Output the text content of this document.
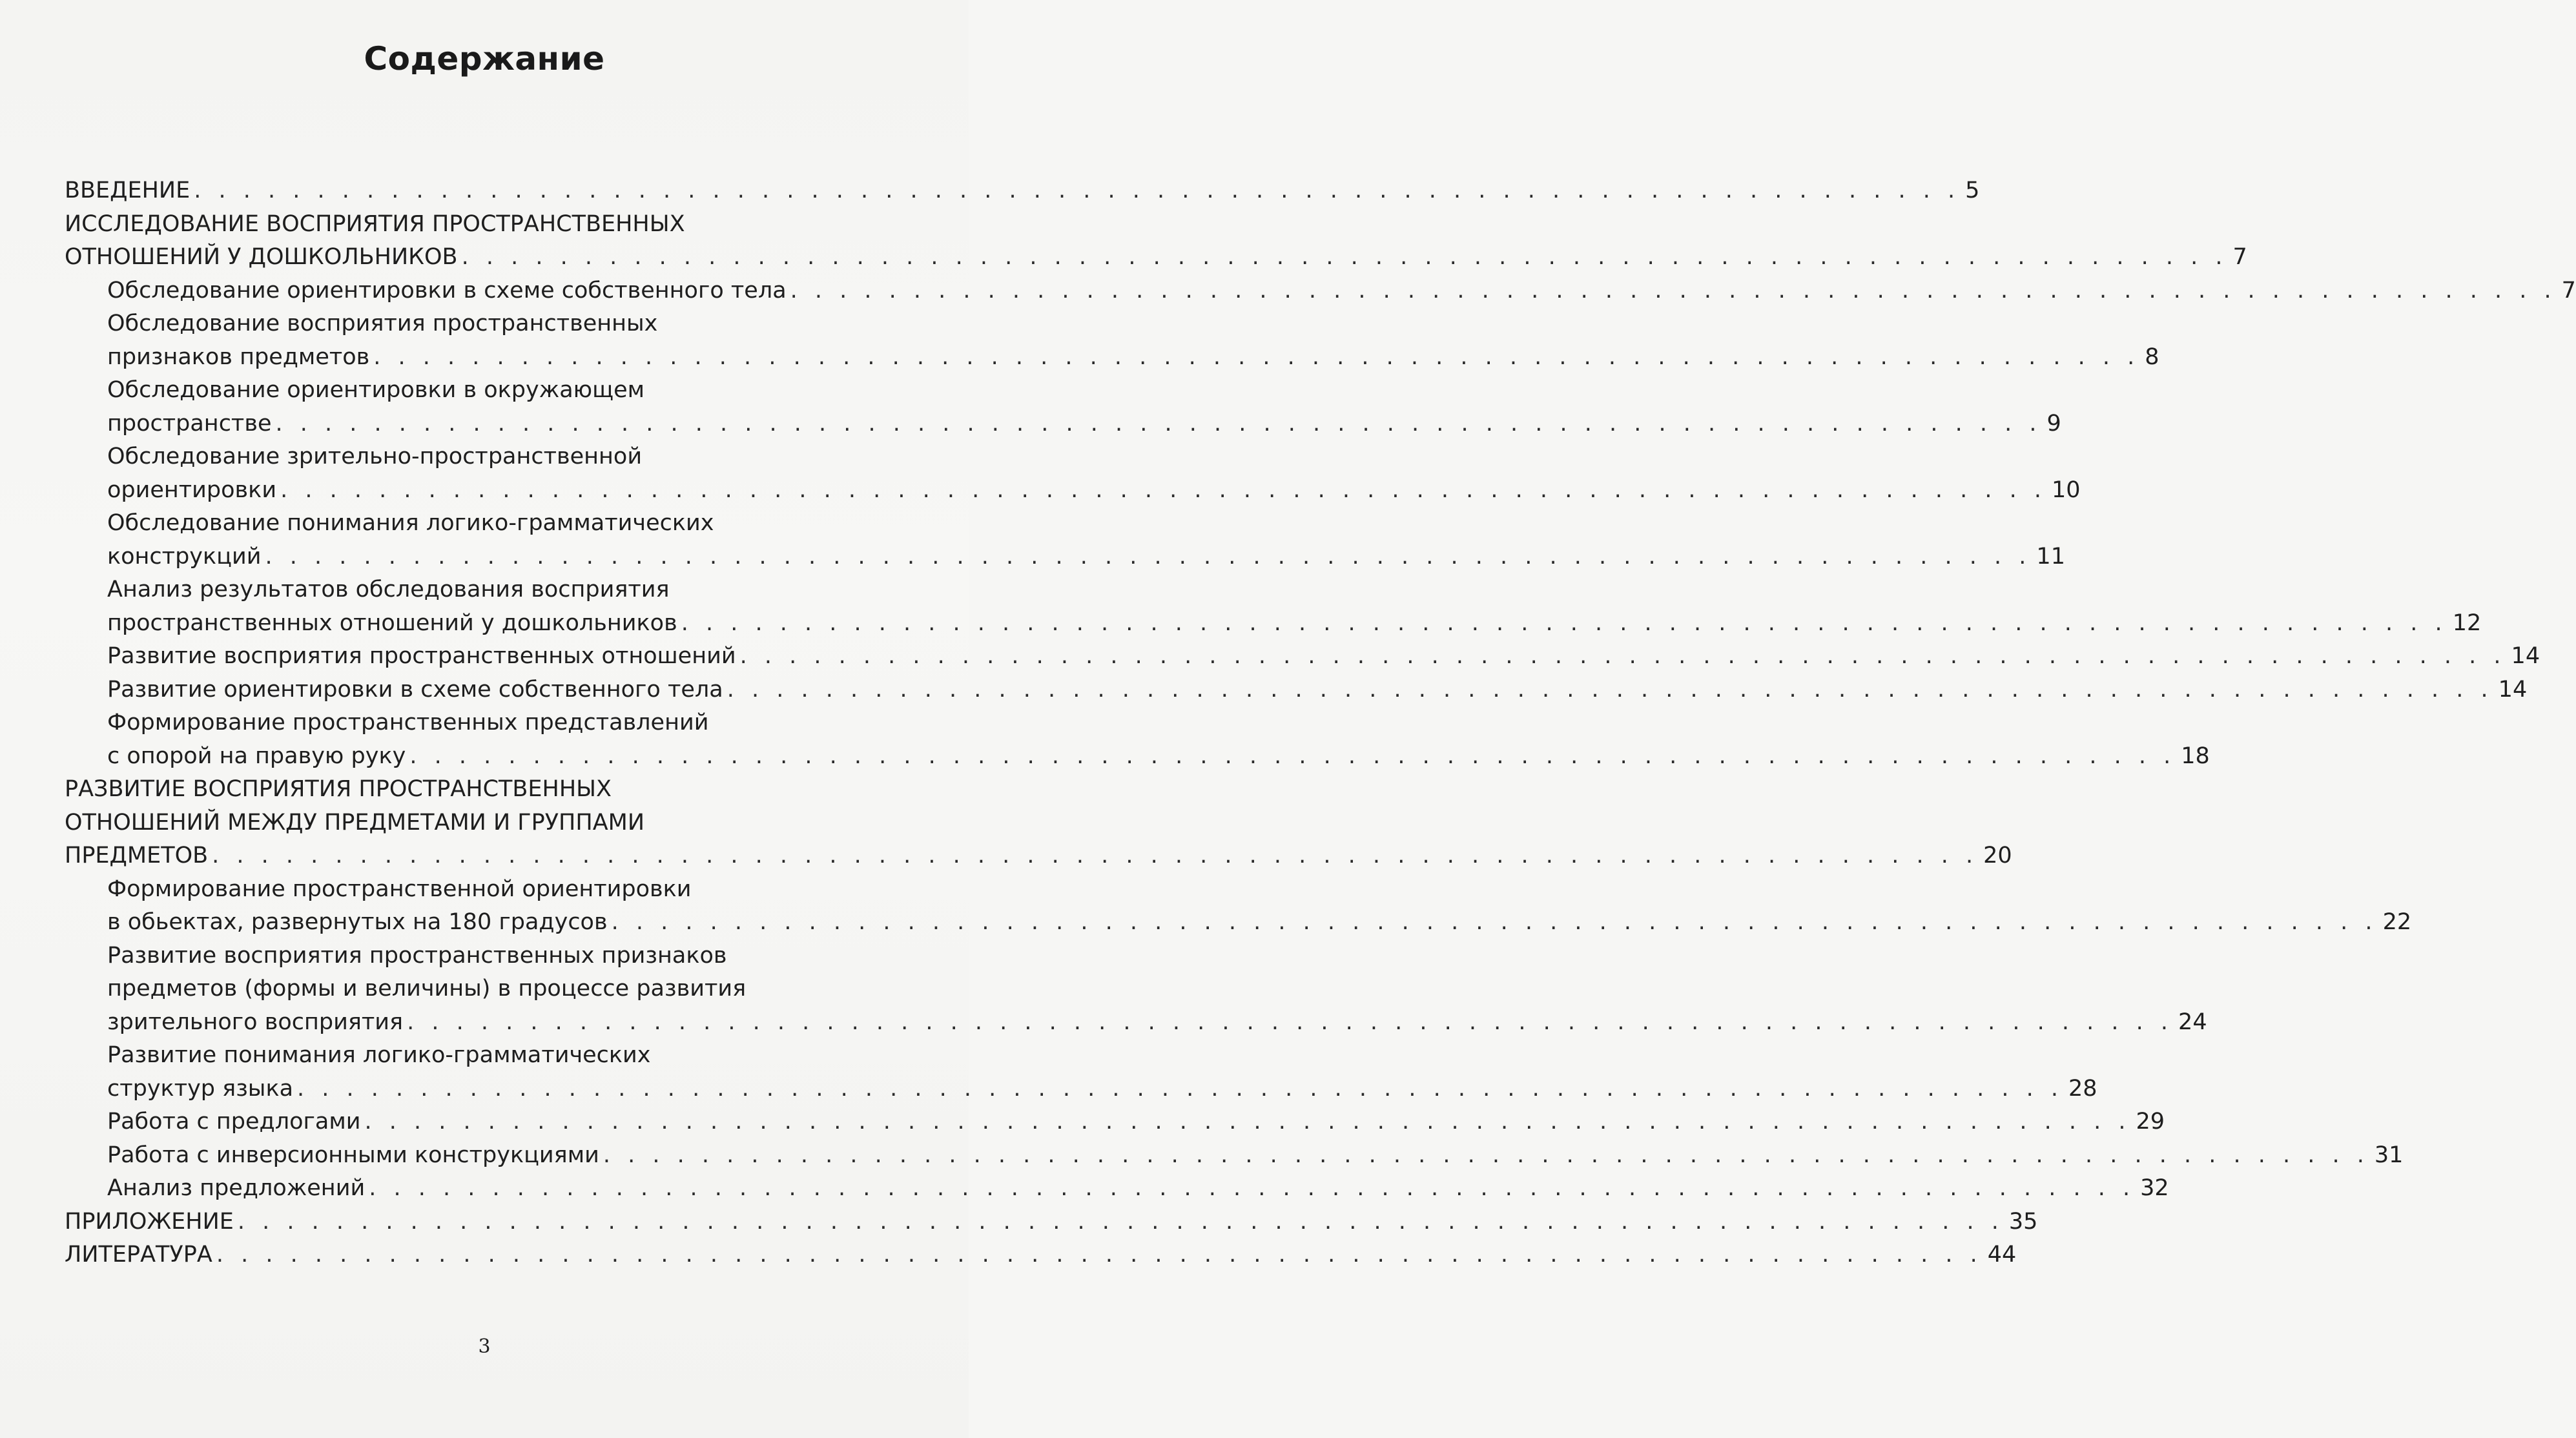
Содержание
ВВЕДЕНИЕ . . . . . . . . . . . . . . . . . . . . . . . . . . . . . . . . . . . . . . . . . . . . . . . . . . . . . . . . . . . . . . . . . . . . . . . . 5
ИССЛЕДОВАНИЕ ВОСПРИЯТИЯ ПРОСТРАНСТВЕННЫХ
ОТНОШЕНИЙ У ДОШКОЛЬНИКОВ . . . . . . . . . . . . . . . . . . . . . . . . . . . . . . . . . . . . . . . . . . . . . . . . . . . . . . . . . . . . . . . . . . . . . . . . 7
Обследование ориентировки в схеме собственного тела . . . . . . . . . . . . . . . . . . . . . . . . . . . . . . . . . . . . . . . . . . . . . . . . . . . . . . . . . . . . . . . . . . . . . . . . 7
Обследование восприятия пространственных
признаков предметов . . . . . . . . . . . . . . . . . . . . . . . . . . . . . . . . . . . . . . . . . . . . . . . . . . . . . . . . . . . . . . . . . . . . . . . . 8
Обследование ориентировки в окружающем
пространстве . . . . . . . . . . . . . . . . . . . . . . . . . . . . . . . . . . . . . . . . . . . . . . . . . . . . . . . . . . . . . . . . . . . . . . . . 9
Обследование зрительно-пространственной
ориентировки . . . . . . . . . . . . . . . . . . . . . . . . . . . . . . . . . . . . . . . . . . . . . . . . . . . . . . . . . . . . . . . . . . . . . . . . 10
Обследование понимания логико-грамматических
конструкций . . . . . . . . . . . . . . . . . . . . . . . . . . . . . . . . . . . . . . . . . . . . . . . . . . . . . . . . . . . . . . . . . . . . . . . . 11
Анализ результатов обследования восприятия
пространственных отношений у дошкольников . . . . . . . . . . . . . . . . . . . . . . . . . . . . . . . . . . . . . . . . . . . . . . . . . . . . . . . . . . . . . . . . . . . . . . . . 12
Развитие восприятия пространственных отношений . . . . . . . . . . . . . . . . . . . . . . . . . . . . . . . . . . . . . . . . . . . . . . . . . . . . . . . . . . . . . . . . . . . . . . . . 14
Развитие ориентировки в схеме собственного тела . . . . . . . . . . . . . . . . . . . . . . . . . . . . . . . . . . . . . . . . . . . . . . . . . . . . . . . . . . . . . . . . . . . . . . . . 14
Формирование пространственных представлений
с опорой на правую руку . . . . . . . . . . . . . . . . . . . . . . . . . . . . . . . . . . . . . . . . . . . . . . . . . . . . . . . . . . . . . . . . . . . . . . . . 18
РАЗВИТИЕ ВОСПРИЯТИЯ ПРОСТРАНСТВЕННЫХ
ОТНОШЕНИЙ МЕЖДУ ПРЕДМЕТАМИ И ГРУППАМИ
ПРЕДМЕТОВ . . . . . . . . . . . . . . . . . . . . . . . . . . . . . . . . . . . . . . . . . . . . . . . . . . . . . . . . . . . . . . . . . . . . . . . . 20
Формирование пространственной ориентировки
в обьектах, развернутых на 180 градусов . . . . . . . . . . . . . . . . . . . . . . . . . . . . . . . . . . . . . . . . . . . . . . . . . . . . . . . . . . . . . . . . . . . . . . . . 22
Развитие восприятия пространственных признаков
предметов (формы и величины) в процессе развития
зрительного восприятия . . . . . . . . . . . . . . . . . . . . . . . . . . . . . . . . . . . . . . . . . . . . . . . . . . . . . . . . . . . . . . . . . . . . . . . . 24
Развитие понимания логико-грамматических
структур языка . . . . . . . . . . . . . . . . . . . . . . . . . . . . . . . . . . . . . . . . . . . . . . . . . . . . . . . . . . . . . . . . . . . . . . . . 28
Работа с предлогами . . . . . . . . . . . . . . . . . . . . . . . . . . . . . . . . . . . . . . . . . . . . . . . . . . . . . . . . . . . . . . . . . . . . . . . . 29
Работа с инверсионными конструкциями . . . . . . . . . . . . . . . . . . . . . . . . . . . . . . . . . . . . . . . . . . . . . . . . . . . . . . . . . . . . . . . . . . . . . . . . 31
Анализ предложений . . . . . . . . . . . . . . . . . . . . . . . . . . . . . . . . . . . . . . . . . . . . . . . . . . . . . . . . . . . . . . . . . . . . . . . . 32
ПРИЛОЖЕНИЕ . . . . . . . . . . . . . . . . . . . . . . . . . . . . . . . . . . . . . . . . . . . . . . . . . . . . . . . . . . . . . . . . . . . . . . . . 35
ЛИТЕРАТУРА . . . . . . . . . . . . . . . . . . . . . . . . . . . . . . . . . . . . . . . . . . . . . . . . . . . . . . . . . . . . . . . . . . . . . . . . 44
3
